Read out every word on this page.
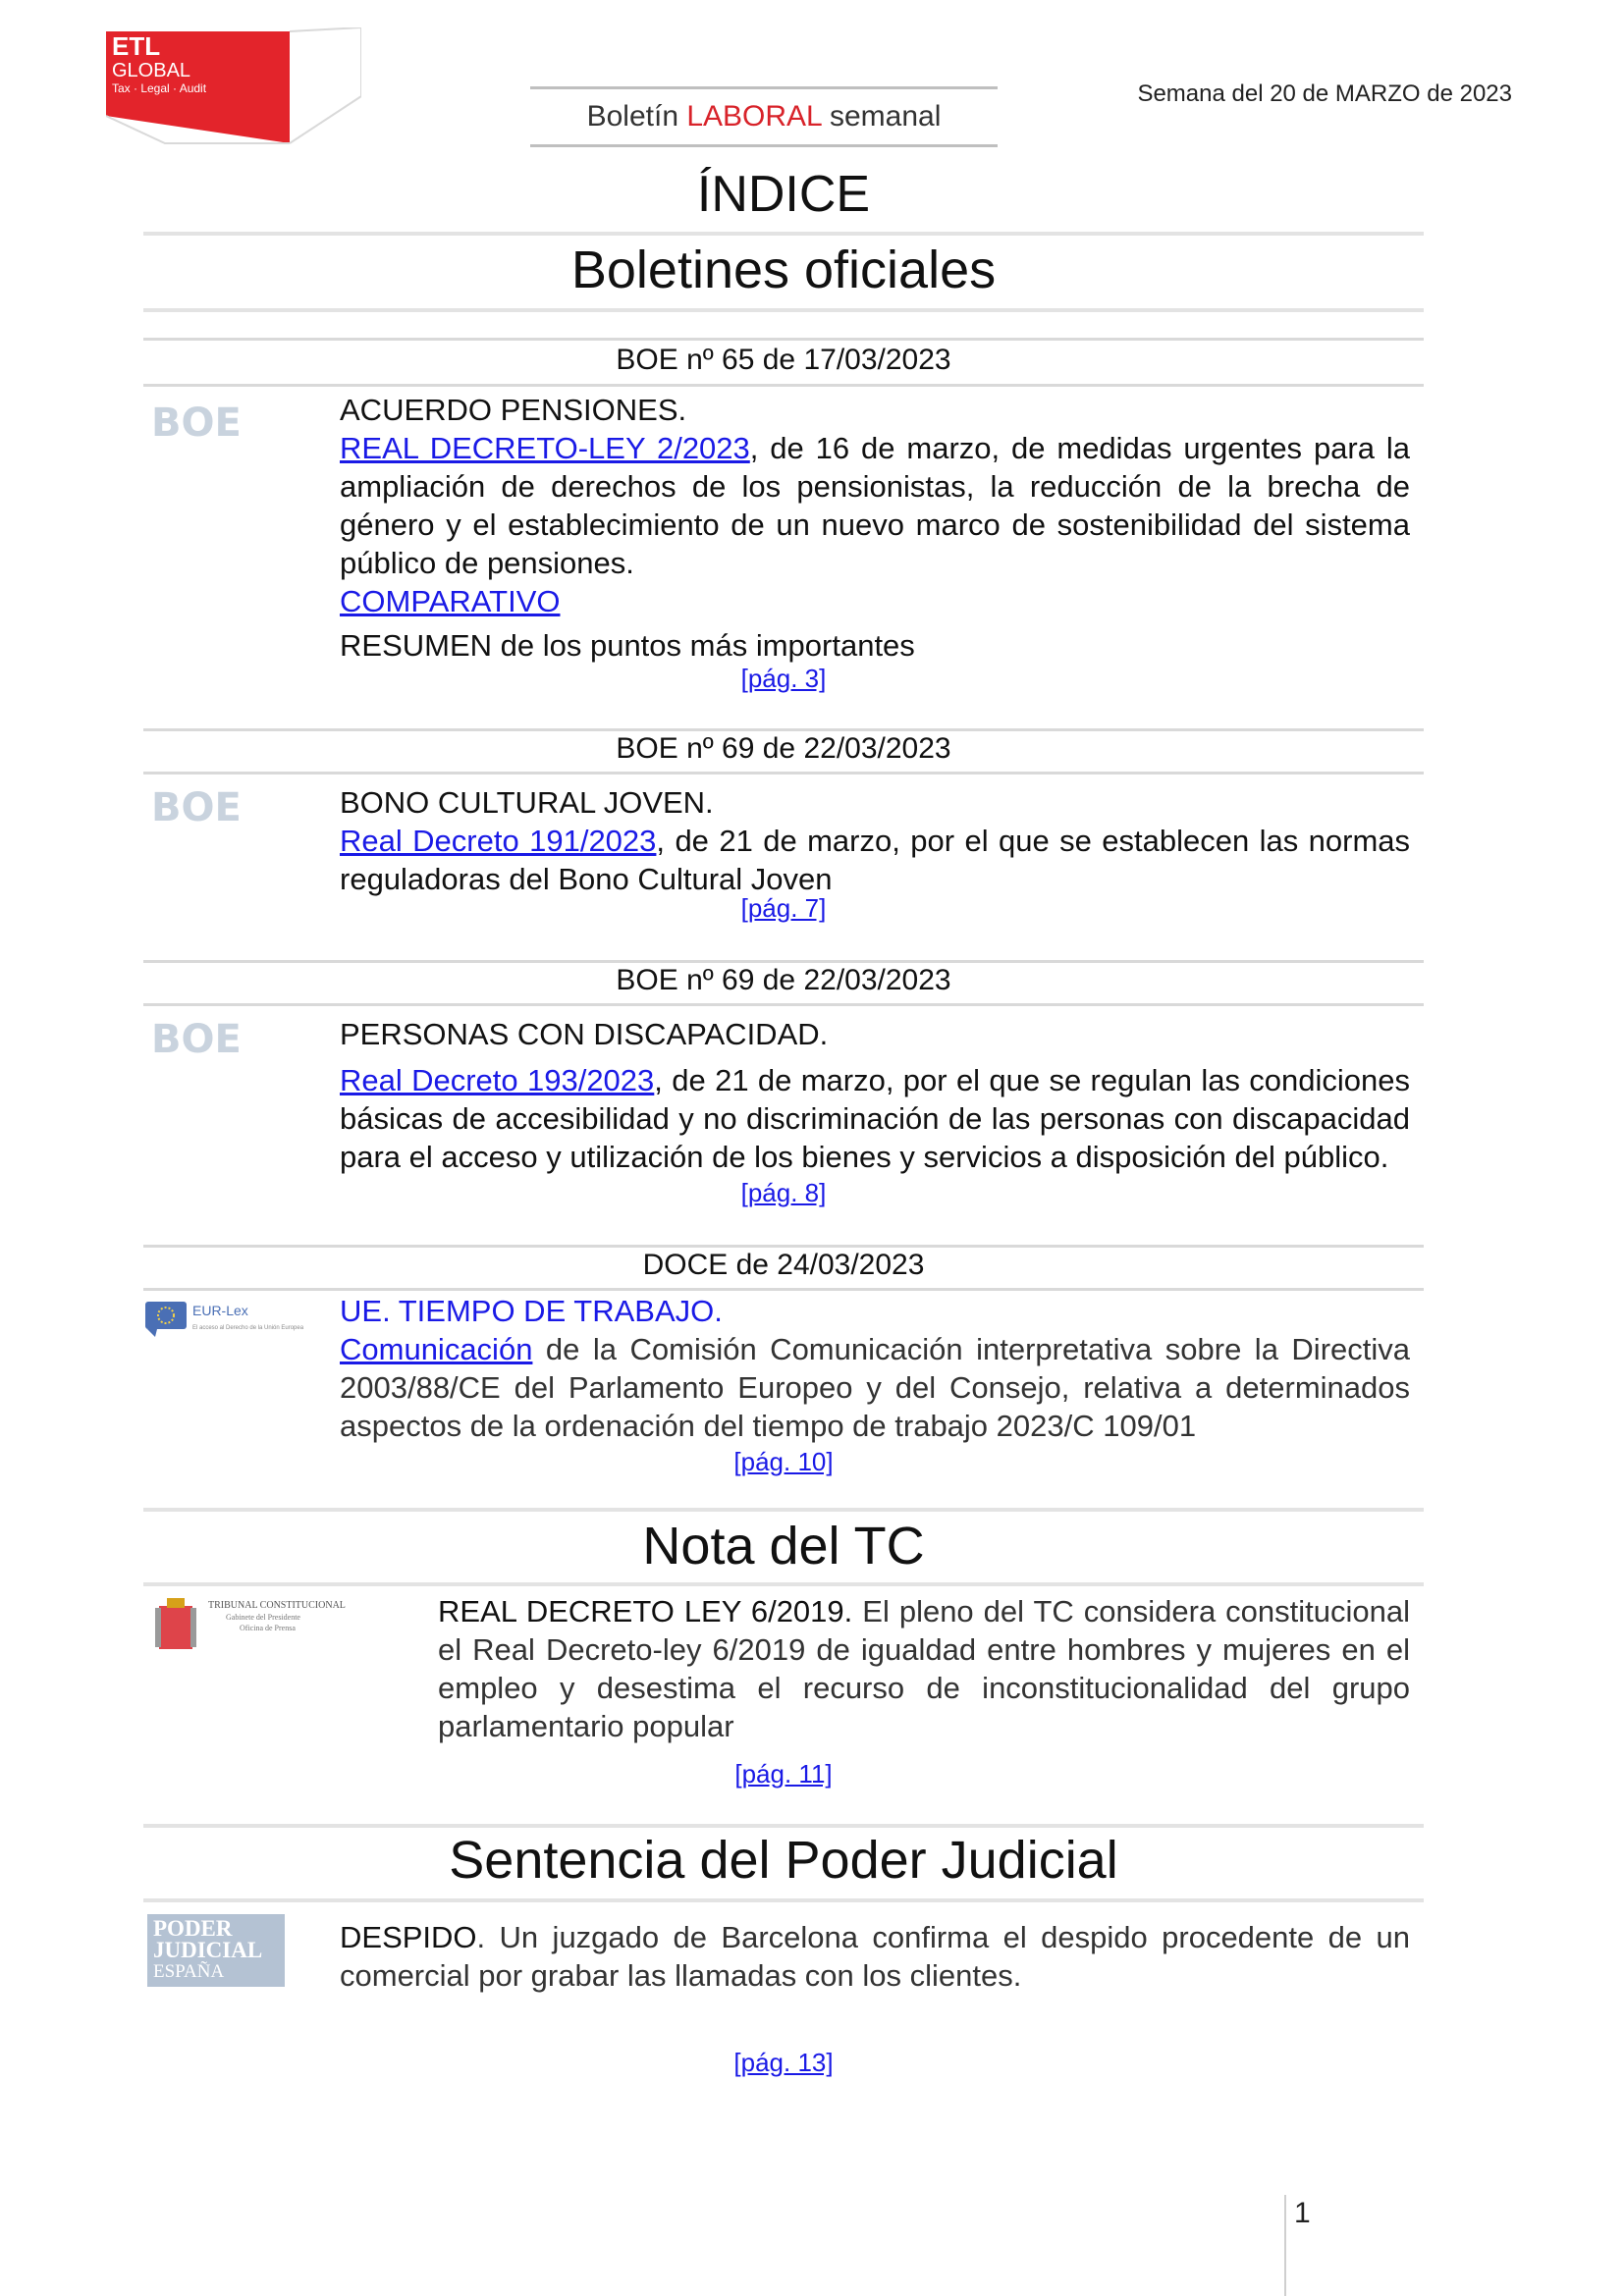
ETL
GLOBAL
Tax · Legal · Audit	Semana del 20 de MARZO de 2023
Boletín LABORAL semanal
ÍNDICE
Boletines oficiales
BOE nº 65 de 17/03/2023
BOE	ACUERDO PENSIONES.
REAL DECRETO-LEY 2/2023, de 16 de marzo, de medidas urgentes para la ampliación de derechos de los pensionistas, la reducción de la brecha de género y el establecimiento de un nuevo marco de sostenibilidad del sistema público de pensiones.
COMPARATIVO
RESUMEN de los puntos más importantes
[pág. 3]
BOE nº 69 de 22/03/2023
BOE	BONO CULTURAL JOVEN.
Real Decreto 191/2023, de 21 de marzo, por el que se establecen las normas reguladoras del Bono Cultural Joven
[pág. 7]
BOE nº 69 de 22/03/2023
BOE	PERSONAS CON DISCAPACIDAD.
Real Decreto 193/2023, de 21 de marzo, por el que se regulan las condiciones básicas de accesibilidad y no discriminación de las personas con discapacidad para el acceso y utilización de los bienes y servicios a disposición del público.
[pág. 8]
DOCE de 24/03/2023
EUR-Lex
El acceso al Derecho de la Unión Europea UE. TIEMPO DE TRABAJO.
Comunicación de la Comisión Comunicación interpretativa sobre la Directiva 2003/88/CE del Parlamento Europeo y del Consejo, relativa a determinados aspectos de la ordenación del tiempo de trabajo 2023/C 109/01
[pág. 10]
Nota del TC
TRIBUNAL CONSTITUCIONAL
Gabinete del Presidente
Oficina de Prensa	REAL DECRETO LEY 6/2019. El pleno del TC considera constitucional el Real Decreto-ley 6/2019 de igualdad entre hombres y mujeres en el empleo y desestima el recurso de inconstitucionalidad del grupo parlamentario popular
[pág. 11]
Sentencia del Poder Judicial
PODER
JUDICIAL
ESPAÑA
DESPIDO. Un juzgado de Barcelona confirma el despido procedente de un comercial por grabar las llamadas con los clientes.
[pág. 13]
1
